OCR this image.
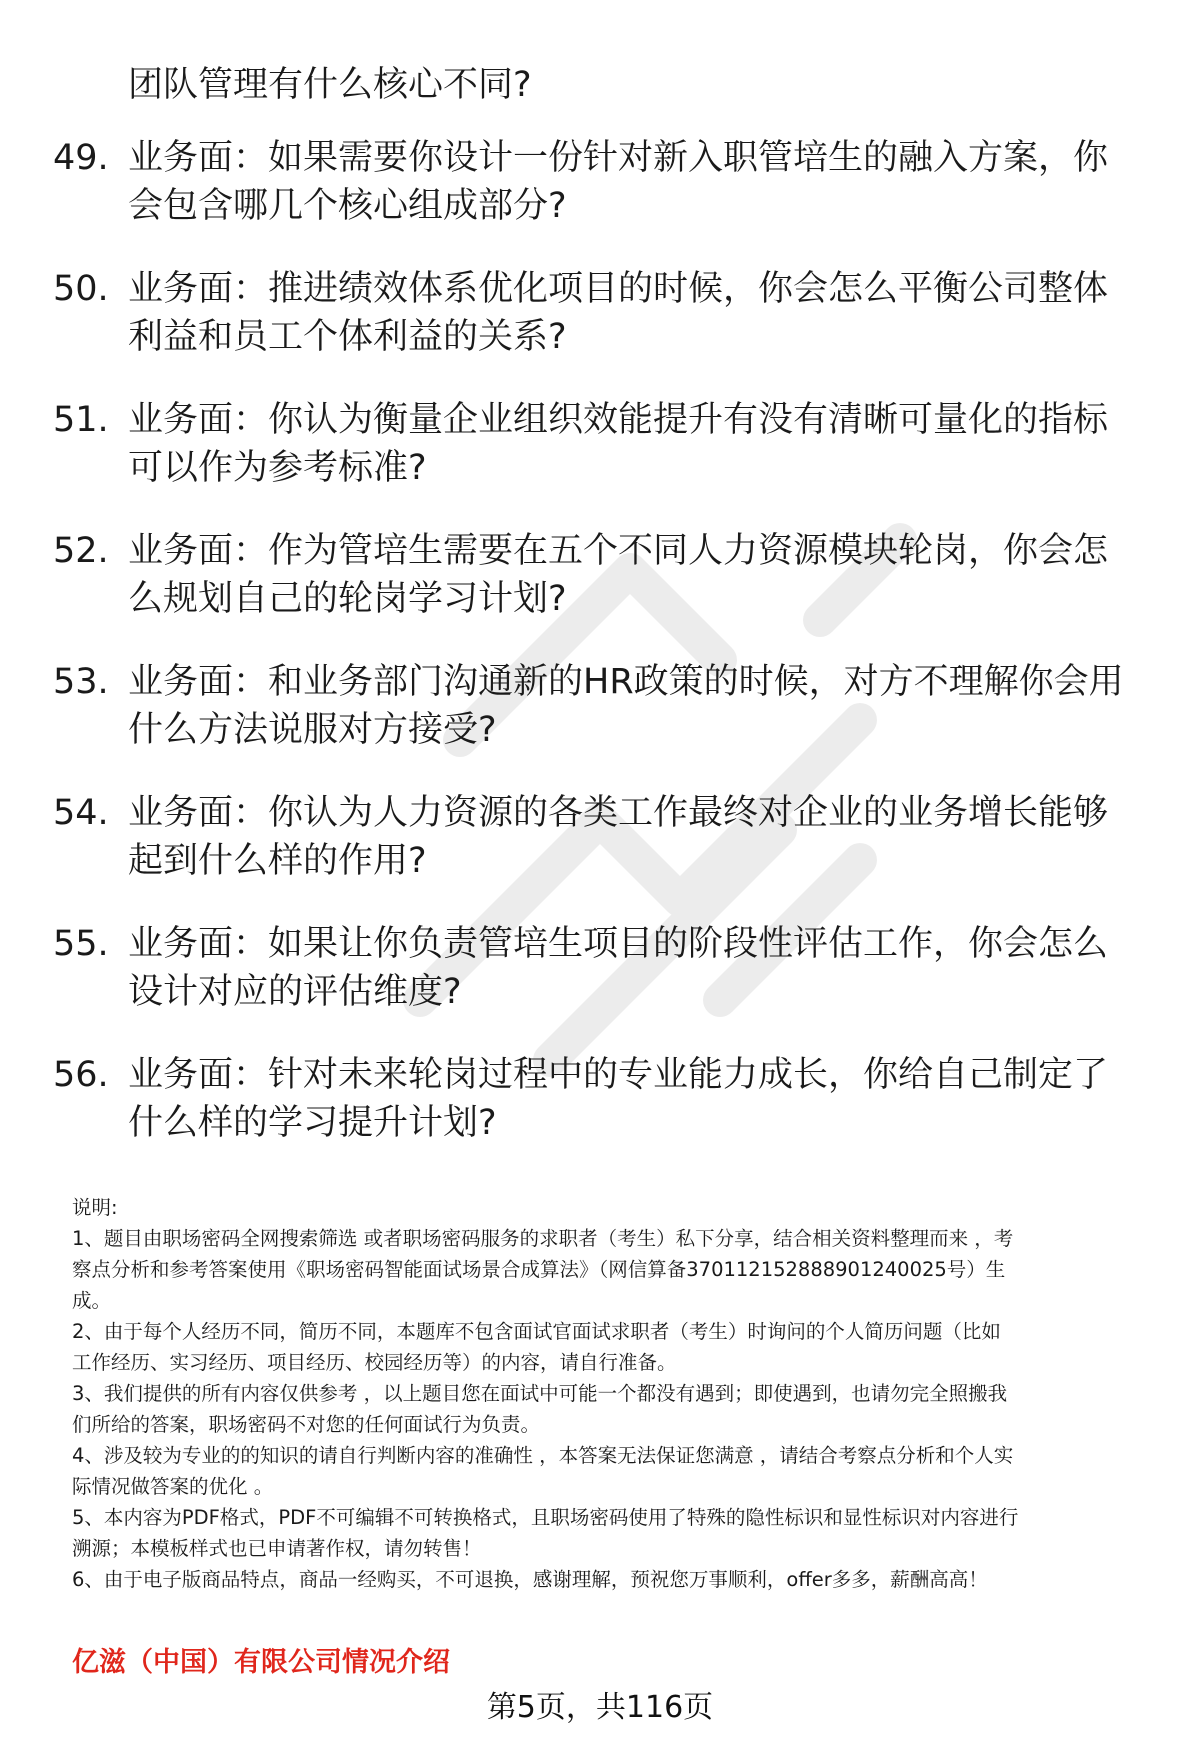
团队管理有什么核心不同?
49. 业务面：如果需要你设计一份针对新入职管培生的融入方案，你
会包含哪几个核心组成部分?
50. 业务面：推进绩效体系优化项目的时候，你会怎么平衡公司整体
利益和员工个体利益的关系?
51. 业务面：你认为衡量企业组织效能提升有没有清晰可量化的指标
可以作为参考标准?
52. 业务面：作为管培生需要在五个不同人力资源模块轮岗，你会怎
么规划自己的轮岗学习计划?
53. 业务面：和业务部门沟通新的HR政策的时候，对方不理解你会用
什么方法说服对方接受?
54. 业务面：你认为人力资源的各类工作最终对企业的业务增长能够
起到什么样的作用?
55. 业务面：如果让你负责管培生项目的阶段性评估工作，你会怎么
设计对应的评估维度?
56. 业务面：针对未来轮岗过程中的专业能力成长，你给自己制定了
什么样的学习提升计划?
说明:
1、题目由职场密码全网搜索筛选 或者职场密码服务的求职者（考生）私下分享，结合相关资料整理而来 ，考
察点分析和参考答案使用《职场密码智能面试场景合成算法》（网信算备370112152888901240025号）生
成。
2、由于每个人经历不同，简历不同，本题库不包含面试官面试求职者（考生）时询问的个人简历问题（比如
工作经历、实习经历、项目经历、校园经历等）的内容，请自行准备。
3、我们提供的所有内容仅供参考 ，以上题目您在面试中可能一个都没有遇到；即使遇到，也请勿完全照搬我
们所给的答案，职场密码不对您的任何面试行为负责。
4、涉及较为专业的的知识的请自行判断内容的准确性 ，本答案无法保证您满意 ，请结合考察点分析和个人实
际情况做答案的优化 。
5、本内容为PDF格式，PDF不可编辑不可转换格式，且职场密码使用了特殊的隐性标识和显性标识对内容进行
溯源；本模板样式也已申请著作权，请勿转售！
6、由于电子版商品特点，商品一经购买，不可退换，感谢理解，预祝您万事顺利，offer多多，薪酬高高！
亿滋（中国）有限公司情况介绍
第5页，共116页
